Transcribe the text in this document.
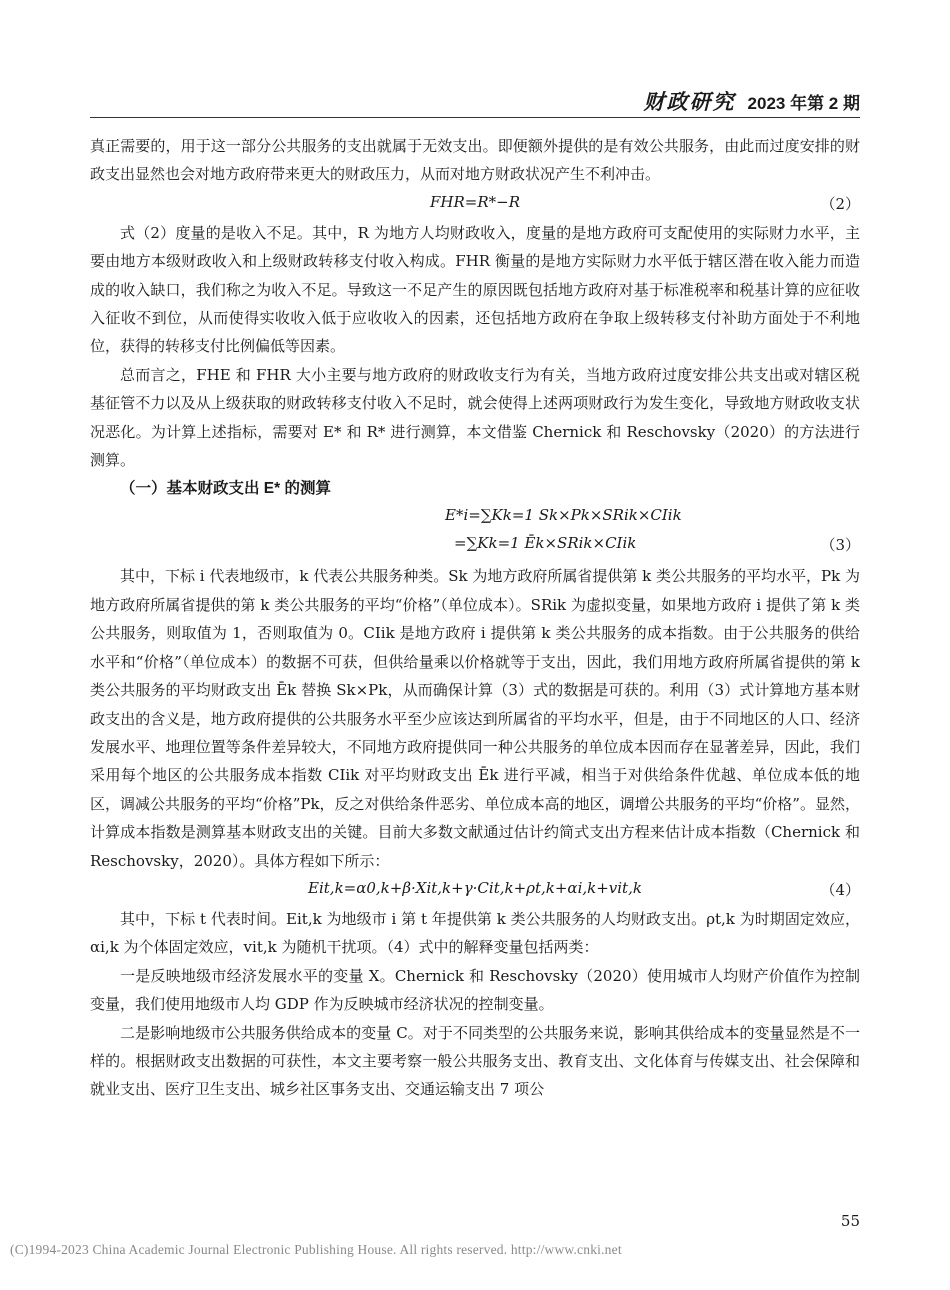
财政研究 2023 年第 2 期

真正需要的，用于这一部分公共服务的支出就属于无效支出。即便额外提供的是有效公共服务，由此而过度安排的财政支出显然也会对地方政府带来更大的财政压力，从而对地方财政状况产生不利冲击。

FHR=R*−R	（2）

式（2）度量的是收入不足。其中，R 为地方人均财政收入，度量的是地方政府可支配使用的实际财力水平，主要由地方本级财政收入和上级财政转移支付收入构成。FHR 衡量的是地方实际财力水平低于辖区潜在收入能力而造成的收入缺口，我们称之为收入不足。导致这一不足产生的原因既包括地方政府对基于标准税率和税基计算的应征收入征收不到位，从而使得实收收入低于应收收入的因素，还包括地方政府在争取上级转移支付补助方面处于不利地位，获得的转移支付比例偏低等因素。

总而言之，FHE 和 FHR 大小主要与地方政府的财政收支行为有关，当地方政府过度安排公共支出或对辖区税基征管不力以及从上级获取的财政转移支付收入不足时，就会使得上述两项财政行为发生变化，导致地方财政收支状况恶化。为计算上述指标，需要对 E* 和 R* 进行测算，本文借鉴 Chernick 和 Reschovsky（2020）的方法进行测算。

（一）基本财政支出 E* 的测算
E*i=∑Kk=1 Sk×Pk×SRik×CIik
=∑Kk=1 Ēk×SRik×CIik	（3）

其中，下标 i 代表地级市，k 代表公共服务种类。Sk 为地方政府所属省提供第 k 类公共服务的平均水平，Pk 为地方政府所属省提供的第 k 类公共服务的平均“价格”（单位成本）。SRik 为虚拟变量，如果地方政府 i 提供了第 k 类公共服务，则取值为 1，否则取值为 0。CIik 是地方政府 i 提供第 k 类公共服务的成本指数。由于公共服务的供给水平和“价格”（单位成本）的数据不可获，但供给量乘以价格就等于支出，因此，我们用地方政府所属省提供的第 k 类公共服务的平均财政支出 Ēk 替换 Sk×Pk，从而确保计算（3）式的数据是可获的。利用（3）式计算地方基本财政支出的含义是，地方政府提供的公共服务水平至少应该达到所属省的平均水平，但是，由于不同地区的人口、经济发展水平、地理位置等条件差异较大，不同地方政府提供同一种公共服务的单位成本因而存在显著差异，因此，我们采用每个地区的公共服务成本指数 CIik 对平均财政支出 Ēk 进行平减，相当于对供给条件优越、单位成本低的地区，调减公共服务的平均“价格”Pk，反之对供给条件恶劣、单位成本高的地区，调增公共服务的平均“价格”。显然，计算成本指数是测算基本财政支出的关键。目前大多数文献通过估计约简式支出方程来估计成本指数（Chernick 和 Reschovsky，2020）。具体方程如下所示：

Eit,k=α0,k+β·Xit,k+γ·Cit,k+ρt,k+αi,k+vit,k	（4）

其中，下标 t 代表时间。Eit,k 为地级市 i 第 t 年提供第 k 类公共服务的人均财政支出。ρt,k 为时期固定效应，αi,k 为个体固定效应，vit,k 为随机干扰项。（4）式中的解释变量包括两类：

一是反映地级市经济发展水平的变量 X。Chernick 和 Reschovsky（2020）使用城市人均财产价值作为控制变量，我们使用地级市人均 GDP 作为反映城市经济状况的控制变量。

二是影响地级市公共服务供给成本的变量 C。对于不同类型的公共服务来说，影响其供给成本的变量显然是不一样的。根据财政支出数据的可获性，本文主要考察一般公共服务支出、教育支出、文化体育与传媒支出、社会保障和就业支出、医疗卫生支出、城乡社区事务支出、交通运输支出 7 项公

55
(C)1994-2023 China Academic Journal Electronic Publishing House. All rights reserved. http://www.cnki.net
